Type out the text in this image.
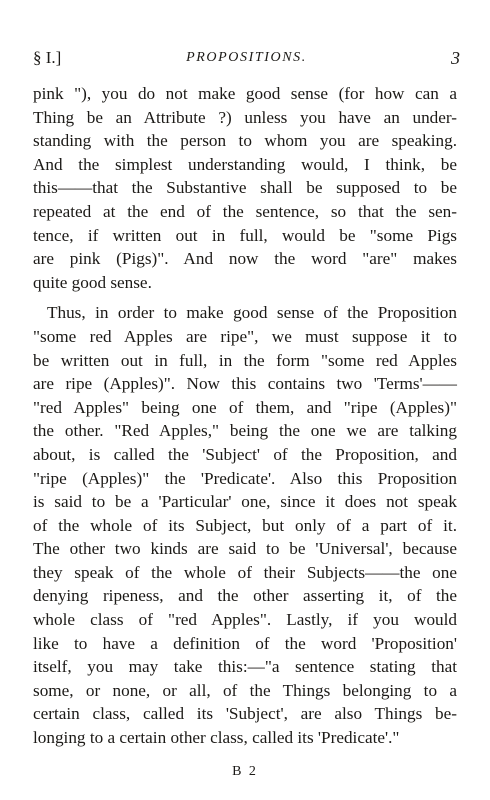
§ I.]	PROPOSITIONS.	3

pink "), you do not make good sense (for how can a
Thing be an Attribute ?) unless you have an under-
standing with the person to whom you are speaking.
And the simplest understanding would, I think, be
this——that the Substantive shall be supposed to be
repeated at the end of the sentence, so that the sen-
tence, if written out in full, would be "some Pigs
are pink (Pigs)". And now the word "are" makes
quite good sense.

Thus, in order to make good sense of the Proposition
"some red Apples are ripe", we must suppose it to
be written out in full, in the form "some red Apples
are ripe (Apples)". Now this contains two 'Terms'——
"red Apples" being one of them, and "ripe (Apples)"
the other. "Red Apples," being the one we are talking
about, is called the 'Subject' of the Proposition, and
"ripe (Apples)" the 'Predicate'. Also this Proposition
is said to be a 'Particular' one, since it does not speak
of the whole of its Subject, but only of a part of it.
The other two kinds are said to be 'Universal', because
they speak of the whole of their Subjects——the one
denying ripeness, and the other asserting it, of the
whole class of "red Apples". Lastly, if you would
like to have a definition of the word 'Proposition'
itself, you may take this:—"a sentence stating that
some, or none, or all, of the Things belonging to a
certain class, called its 'Subject', are also Things be-
longing to a certain other class, called its 'Predicate'."

B 2
